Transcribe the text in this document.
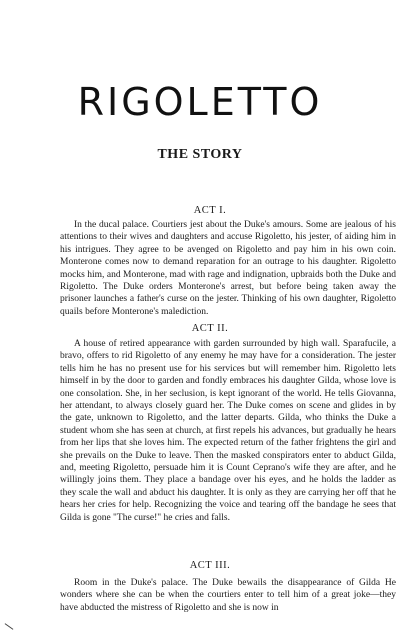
RIGOLETTO
THE STORY
ACT I.

In the ducal palace. Courtiers jest about the Duke's amours. Some are jealous of his attentions to their wives and daughters and accuse Rigoletto, his jester, of aiding him in his intrigues. They agree to be avenged on Rigoletto and pay him in his own coin. Monterone comes now to demand reparation for an outrage to his daughter. Rigoletto mocks him, and Monterone, mad with rage and indignation, upbraids both the Duke and Rigoletto. The Duke orders Monterone's arrest, but before being taken away the prisoner launches a father's curse on the jester. Thinking of his own daughter, Rigoletto quails before Monterone's malediction.

ACT II.

A house of retired appearance with garden surrounded by high wall. Sparafucile, a bravo, offers to rid Rigoletto of any enemy he may have for a consideration. The jester tells him he has no present use for his services but will remember him. Rigoletto lets himself in by the door to garden and fondly embraces his daughter Gilda, whose love is one consolation. She, in her seclusion, is kept ignorant of the world. He tells Giovanna, her attendant, to always closely guard her. The Duke comes on scene and glides in by the gate, unknown to Rigoletto, and the latter departs. Gilda, who thinks the Duke a student whom she has seen at church, at first repels his advances, but gradually he hears from her lips that she loves him. The expected return of the father frightens the girl and she prevails on the Duke to leave. Then the masked conspirators enter to abduct Gilda, and, meeting Rigoletto, persuade him it is Count Ceprano's wife they are after, and he willingly joins them. They place a bandage over his eyes, and he holds the ladder as they scale the wall and abduct his daughter. It is only as they are carrying her off that he hears her cries for help. Recognizing the voice and tearing off the bandage he sees that Gilda is gone "The curse!" he cries and falls.

ACT III.

Room in the Duke's palace. The Duke bewails the disappearance of Gilda He wonders where she can be when the courtiers enter to tell him of a great joke—they have abducted the mistress of Rigoletto and she is now in
